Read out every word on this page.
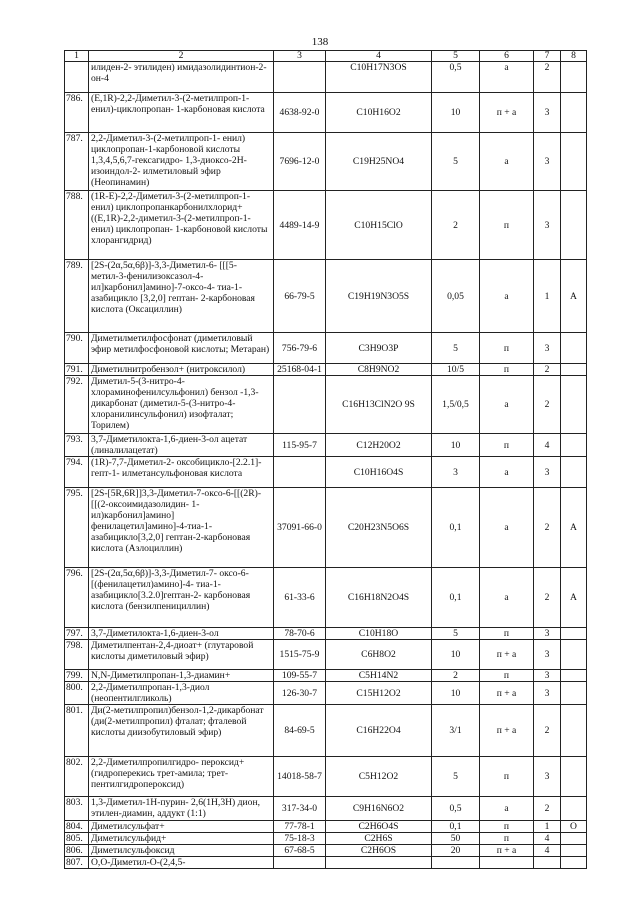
138
1	2	3	4	5	6	7	8
	илиден-2- этилиден) имидазолидинтион-2- он-4		C10H17N3OS	0,5	а	2	
786.	(E,1R)-2,2-Диметил-3-(2-метилпроп-1-енил)-циклопропан- 1-карбоновая кислота	4638-92-0	C10H16O2	10	п + а	3	
787.	2,2-Диметил-3-(2-метилпроп-1- енил) циклопропан-1-карбоновой кислоты 1,3,4,5,6,7-гексагидро- 1,3-диоксо-2Н-изоиндол-2- илметиловый эфир (Неопинамин)	7696-12-0	C19H25NO4	5	а	3	
788.	(1R-E)-2,2-Диметил-3-(2-метилпроп-1-енил) циклопропанкарбонилхлорид+ ((E,1R)-2,2-диметил-3-(2-метилпроп-1-енил) циклопропан- 1-карбоновой кислоты хлорангидрид)	4489-14-9	C10H15ClO	2	п	3	
789.	[2S-(2α,5α,6β)]-3,3-Диметил-6- [[[5-метил-3-фенилизоксазол-4-ил]карбонил]амино]-7-оксо-4- тиа-1-азабицикло [3,2,0] гептан- 2-карбоновая кислота (Оксациллин)	66-79-5	C19H19N3O5S	0,05	а	1	А
790.	Диметилметилфосфонат (диметиловый эфир метилфосфоновой кислоты; Метаран)	756-79-6	C3H9O3P	5	п	3	
791.	Диметилнитробензол+ (нитроксилол)	25168-04-1	C8H9NO2	10/5	п	2	
792.	Диметил-5-(3-нитро-4-хлораминофенилсульфонил) бензол -1,3-дикарбонат (диметил-5-(3-нитро-4- хлоранилинсульфонил) изофталат; Торилем)		C16H13ClN2O 9S	1,5/0,5	а	2	
793.	3,7-Диметилокта-1,6-диен-3-ол ацетат (линалилацетат)	115-95-7	C12H20O2	10	п	4	
794.	(1R)-7,7-Диметил-2- оксобицикло-[2.2.1]-гепт-1- илметансульфоновая кислота		C10H16O4S	3	а	3	
795.	[2S-[5R,6R]]3,3-Диметил-7-оксо-6-[[(2R)-[[(2-оксоимидазолидин- 1-ил)карбонил]амино] фенилацетил]амино]-4-тиа-1-азабицикло[3,2,0] гептан-2-карбоновая кислота (Азлоциллин)	37091-66-0	C20H23N5O6S	0,1	а	2	А
796.	[2S-(2α,5α,6β)]-3,3-Диметил-7- оксо-6-[(фенилацетил)амино]-4- тиа-1-азабицикло[3.2.0]гептан-2- карбоновая кислота (бензилпенициллин)	61-33-6	C16H18N2O4S	0,1	а	2	А
797.	3,7-Диметилокта-1,6-диен-3-ол	78-70-6	C10H18O	5	п	3	
798.	Диметилпентан-2,4-диоат+ (глутаровой кислоты диметиловый эфир)	1515-75-9	C6H8O2	10	п + а	3	
799.	N,N-Диметилпропан-1,3-диамин+	109-55-7	C5H14N2	2	п	3	
800.	2,2-Диметилпропан-1,3-диол (неопентилгликоль)	126-30-7	C15H12O2	10	п + а	3	
801.	Ди(2-метилпропил)бензол-1,2-дикарбонат (ди(2-метилпропил) фталат; фталевой кислоты диизобутиловый эфир)	84-69-5	C16H22O4	3/1	п + а	2	
802.	2,2-Диметилпропилгидро- пероксид+ (гидроперекись трет-амила; трет-пентилгидропероксид)	14018-58-7	C5H12O2	5	п	3	
803.	1,3-Диметил-1Н-пурин- 2,6(1Н,3Н) дион, этилен-диамин, аддукт (1:1)	317-34-0	C9H16N6O2	0,5	а	2	
804.	Диметилсульфат+	77-78-1	C2H6O4S	0,1	п	1	О
805.	Диметилсульфид+	75-18-3	C2H6S	50	п	4	
806.	Диметилсульфоксид	67-68-5	C2H6OS	20	п + а	4	
807.	О,О-Диметил-О-(2,4,5-						
